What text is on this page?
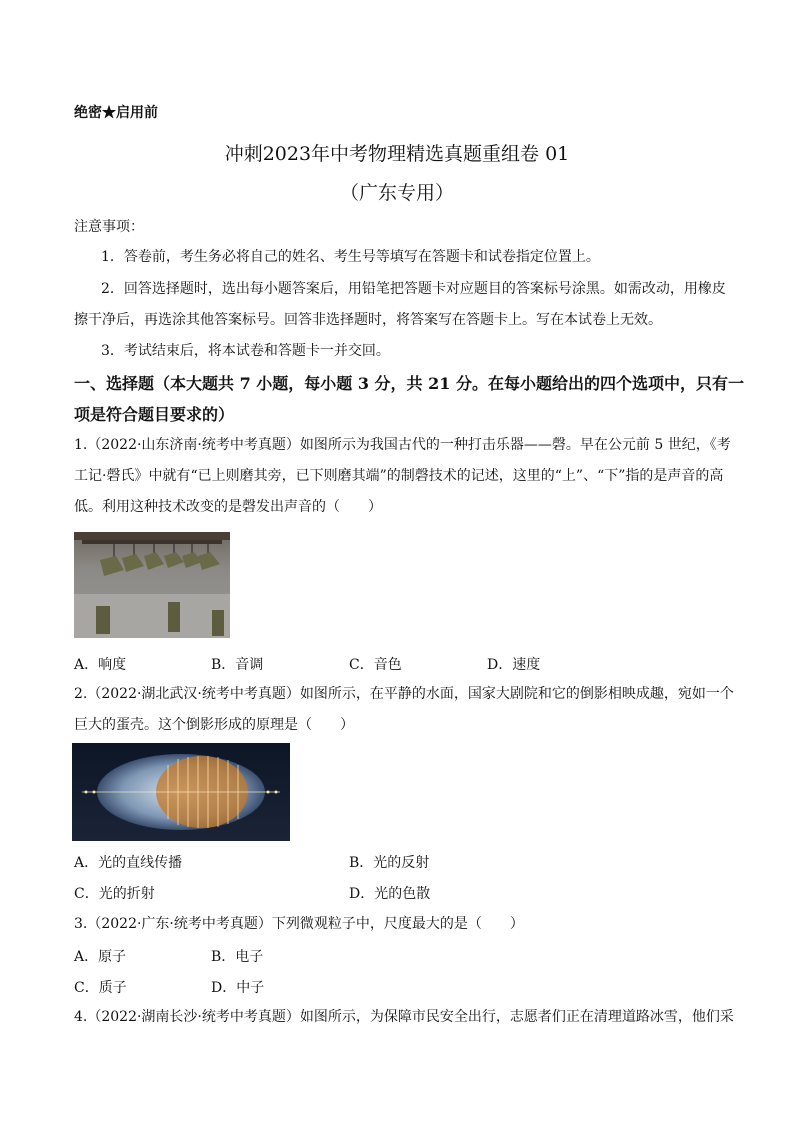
绝密★启用前
冲刺2023年中考物理精选真题重组卷 01
（广东专用）
注意事项：
1．答卷前，考生务必将自己的姓名、考生号等填写在答题卡和试卷指定位置上。
2．回答选择题时，选出每小题答案后，用铅笔把答题卡对应题目的答案标号涂黑。如需改动，用橡皮
擦干净后，再选涂其他答案标号。回答非选择题时，将答案写在答题卡上。写在本试卷上无效。
3．考试结束后，将本试卷和答题卡一并交回。
一、选择题（本大题共 7 小题，每小题 3 分，共 21 分。在每小题给出的四个选项中，只有一
项是符合题目要求的）
1.（2022·山东济南·统考中考真题）如图所示为我国古代的一种打击乐器——磬。早在公元前 5 世纪，《考
工记·磬氏》中就有“已上则磨其旁，已下则磨其端”的制磬技术的记述，这里的“上”、“下”指的是声音的高
低。利用这种技术改变的是磬发出声音的（　　）
A．响度	B．音调	C．音色	D．速度
2.（2022·湖北武汉·统考中考真题）如图所示，在平静的水面，国家大剧院和它的倒影相映成趣，宛如一个
巨大的蛋壳。这个倒影形成的原理是（　　）
A．光的直线传播	B．光的反射
C．光的折射	D．光的色散
3.（2022·广东·统考中考真题）下列微观粒子中，尺度最大的是（　　）
A．原子	B．电子
C．质子	D．中子
4.（2022·湖南长沙·统考中考真题）如图所示，为保障市民安全出行，志愿者们正在清理道路冰雪，他们采
